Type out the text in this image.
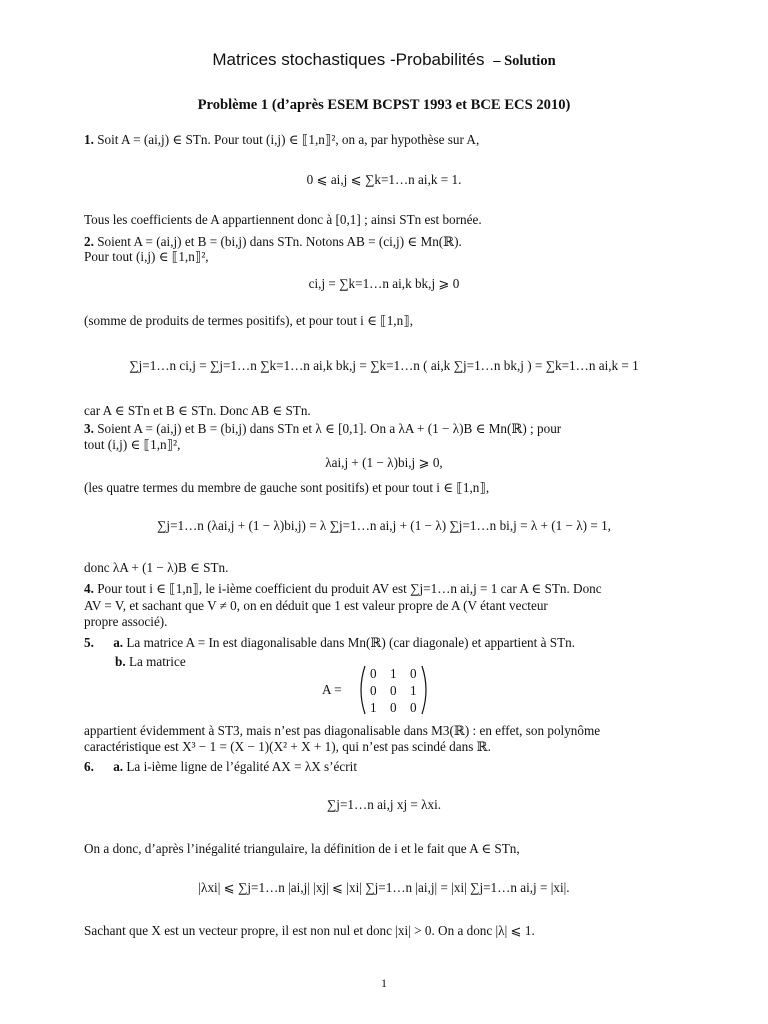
Matrices stochastiques -Probabilités – Solution
Problème 1 (d’après ESEM BCPST 1993 et BCE ECS 2010)
1. Soit A = (ai,j) ∈ STn. Pour tout (i,j) ∈ ⟦1,n⟧², on a, par hypothèse sur A,
0 ⩽ ai,j ⩽ ∑k=1…n ai,k = 1.
Tous les coefficients de A appartiennent donc à [0,1] ; ainsi STn est bornée.
2. Soient A = (ai,j) et B = (bi,j) dans STn. Notons AB = (ci,j) ∈ Mn(ℝ).
Pour tout (i,j) ∈ ⟦1,n⟧²,
ci,j = ∑k=1…n ai,k bk,j ⩾ 0
(somme de produits de termes positifs), et pour tout i ∈ ⟦1,n⟧,
∑j=1…n ci,j = ∑j=1…n ∑k=1…n ai,k bk,j = ∑k=1…n ( ai,k ∑j=1…n bk,j ) = ∑k=1…n ai,k = 1
car A ∈ STn et B ∈ STn. Donc AB ∈ STn.
3. Soient A = (ai,j) et B = (bi,j) dans STn et λ ∈ [0,1]. On a λA + (1 − λ)B ∈ Mn(ℝ) ; pour
tout (i,j) ∈ ⟦1,n⟧²,
λai,j + (1 − λ)bi,j ⩾ 0,
(les quatre termes du membre de gauche sont positifs) et pour tout i ∈ ⟦1,n⟧,
∑j=1…n (λai,j + (1 − λ)bi,j) = λ ∑j=1…n ai,j + (1 − λ) ∑j=1…n bi,j = λ + (1 − λ) = 1,
donc λA + (1 − λ)B ∈ STn.
4. Pour tout i ∈ ⟦1,n⟧, le i-ième coefficient du produit AV est ∑j=1…n ai,j = 1 car A ∈ STn. Donc
AV = V, et sachant que V ≠ 0, on en déduit que 1 est valeur propre de A (V étant vecteur
propre associé).
5. a. La matrice A = In est diagonalisable dans Mn(ℝ) (car diagonale) et appartient à STn.
b. La matrice
A =
0 1 0
0 0 1
1 0 0
appartient évidemment à ST3, mais n’est pas diagonalisable dans M3(ℝ) : en effet, son polynôme
caractéristique est X³ − 1 = (X − 1)(X² + X + 1), qui n’est pas scindé dans ℝ.
6. a. La i-ième ligne de l’égalité AX = λX s’écrit
∑j=1…n ai,j xj = λxi.
On a donc, d’après l’inégalité triangulaire, la définition de i et le fait que A ∈ STn,
|λxi| ⩽ ∑j=1…n |ai,j| |xj| ⩽ |xi| ∑j=1…n |ai,j| = |xi| ∑j=1…n ai,j = |xi|.
Sachant que X est un vecteur propre, il est non nul et donc |xi| > 0. On a donc |λ| ⩽ 1.
1
